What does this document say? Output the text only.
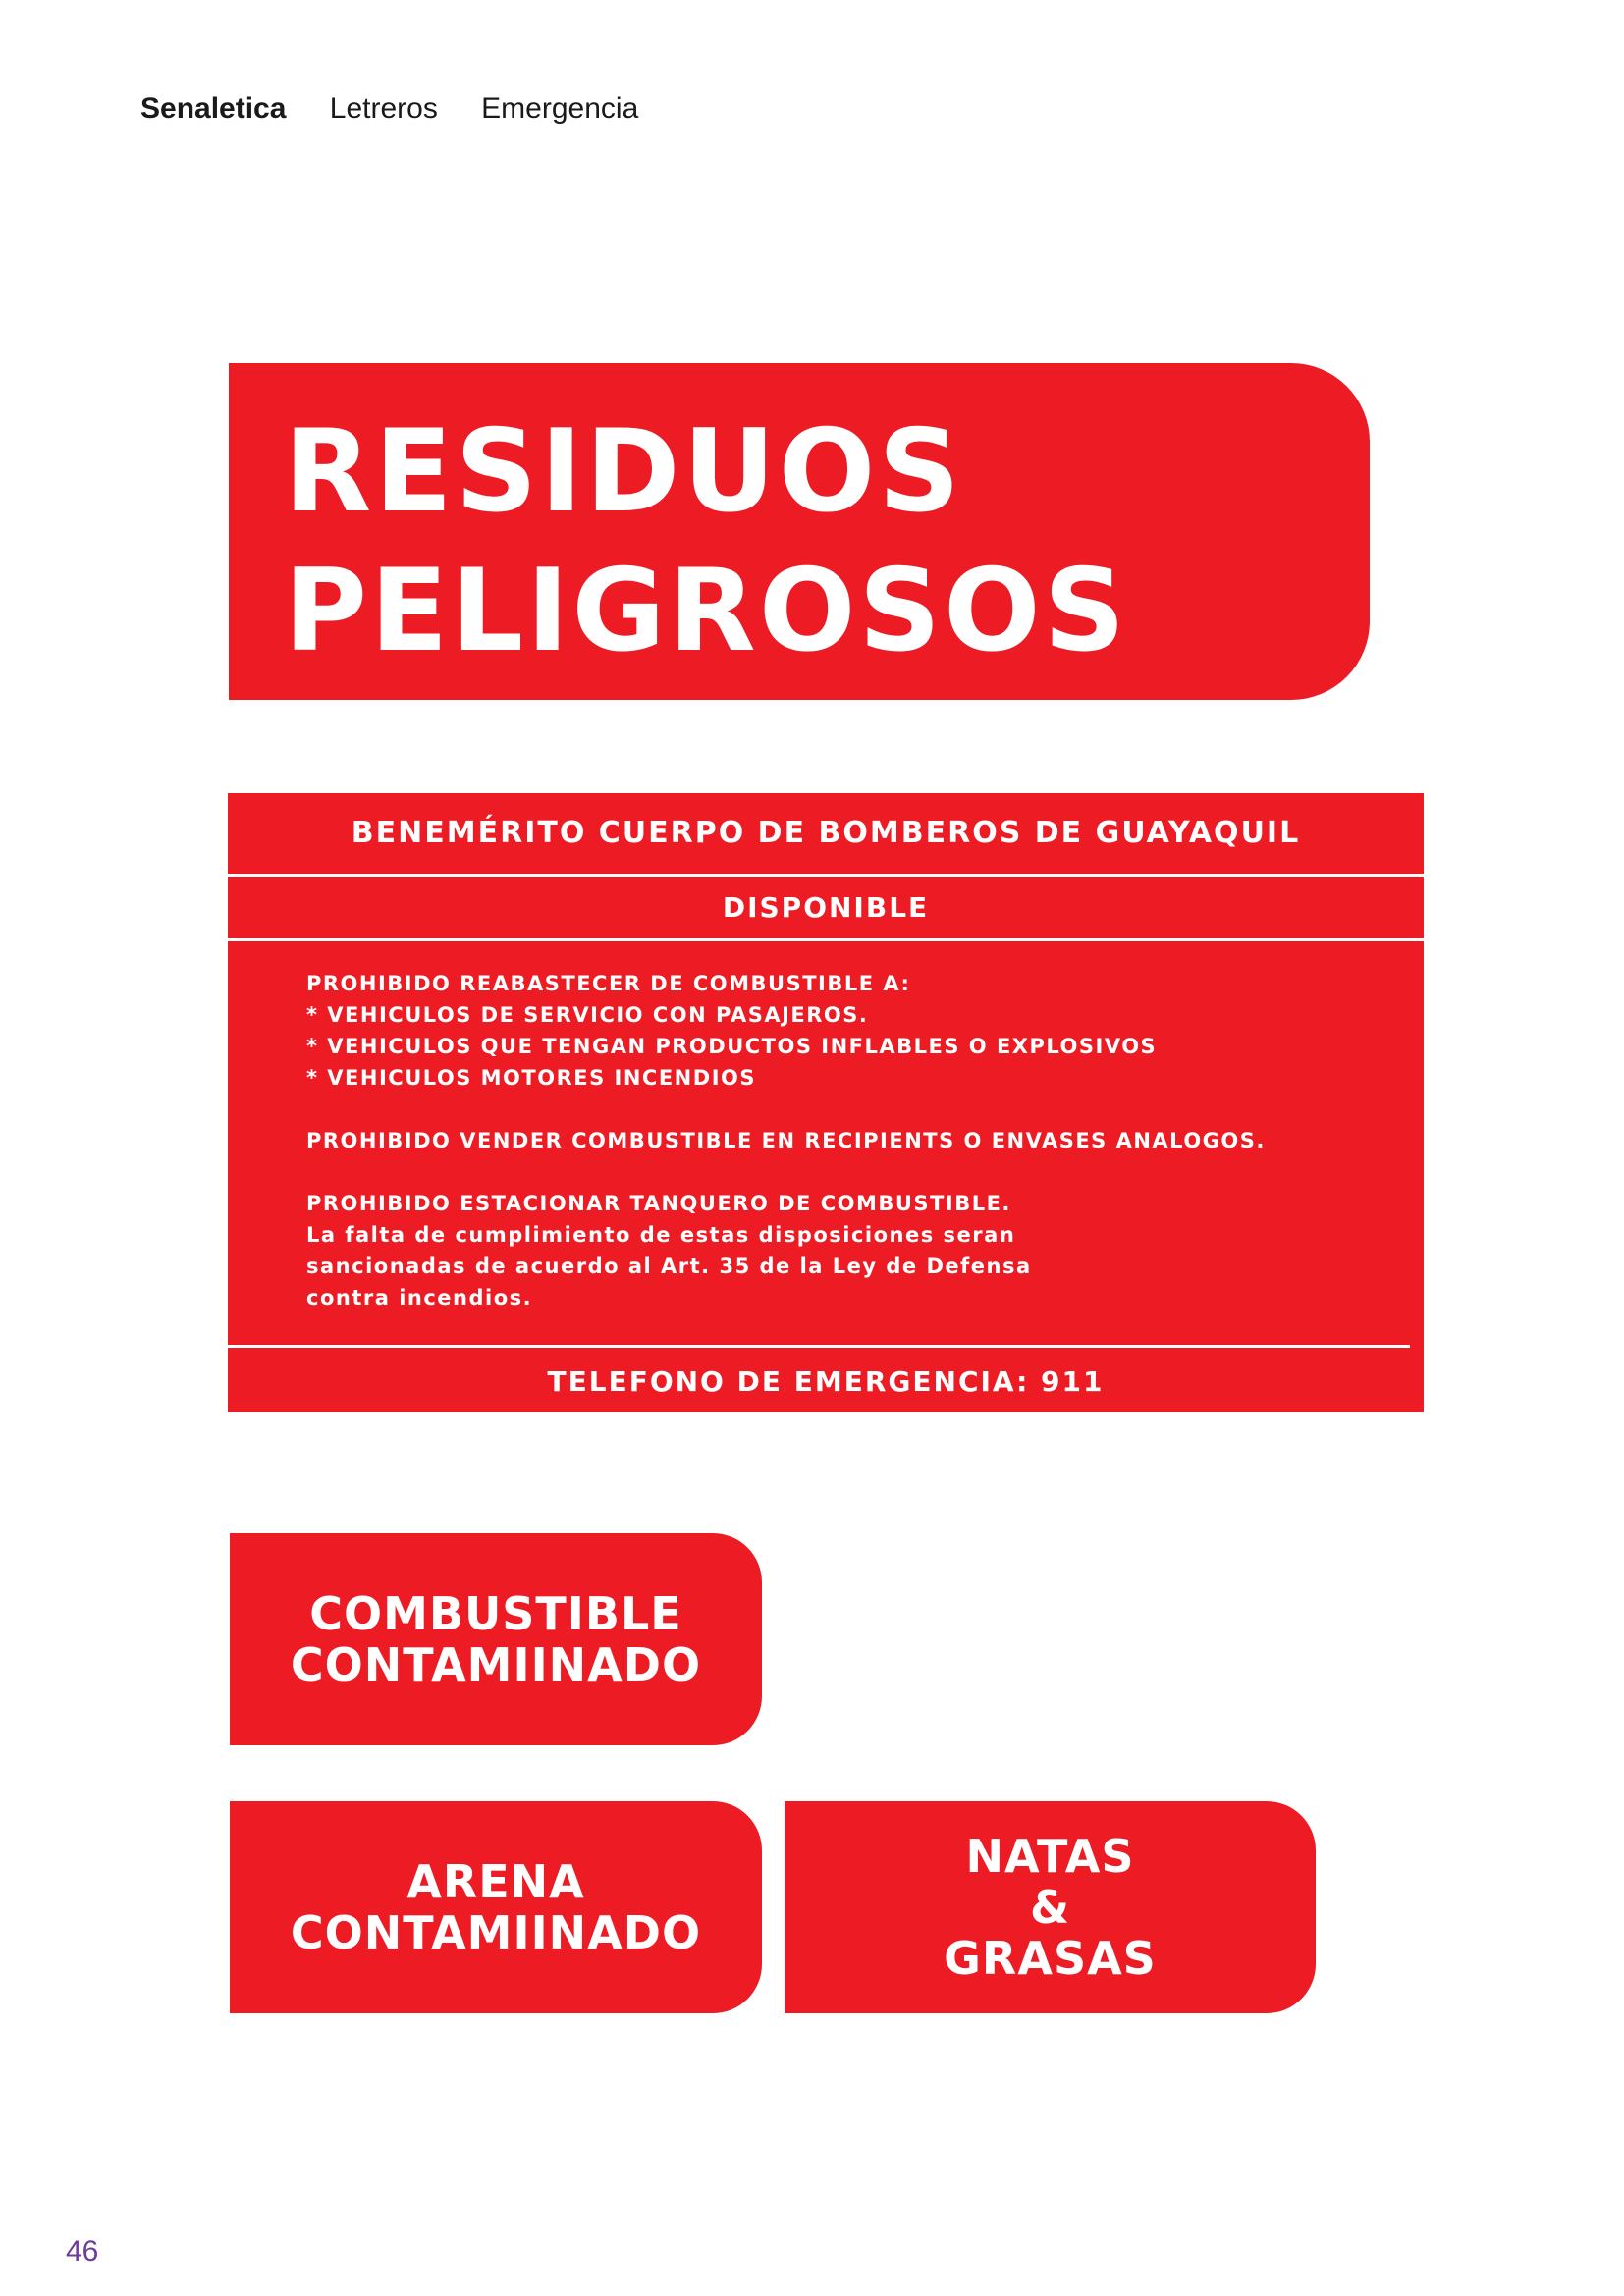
Senaletica Letreros Emergencia
RESIDUOS
PELIGROSOS
BENEMÉRITO CUERPO DE BOMBEROS DE GUAYAQUIL
DISPONIBLE

PROHIBIDO REABASTECER DE COMBUSTIBLE A:

* VEHICULOS DE SERVICIO CON PASAJEROS.

* VEHICULOS QUE TENGAN PRODUCTOS INFLABLES O EXPLOSIVOS

* VEHICULOS MOTORES INCENDIOS

PROHIBIDO VENDER COMBUSTIBLE EN RECIPIENTS O ENVASES ANALOGOS.

PROHIBIDO ESTACIONAR TANQUERO DE COMBUSTIBLE.

La falta de cumplimiento de estas disposiciones seran

sancionadas de acuerdo al Art. 35 de la Ley de Defensa

contra incendios.

TELEFONO DE EMERGENCIA: 911
COMBUSTIBLE
CONTAMIINADO
ARENA
CONTAMIINADO
NATAS
&
GRASAS
46
